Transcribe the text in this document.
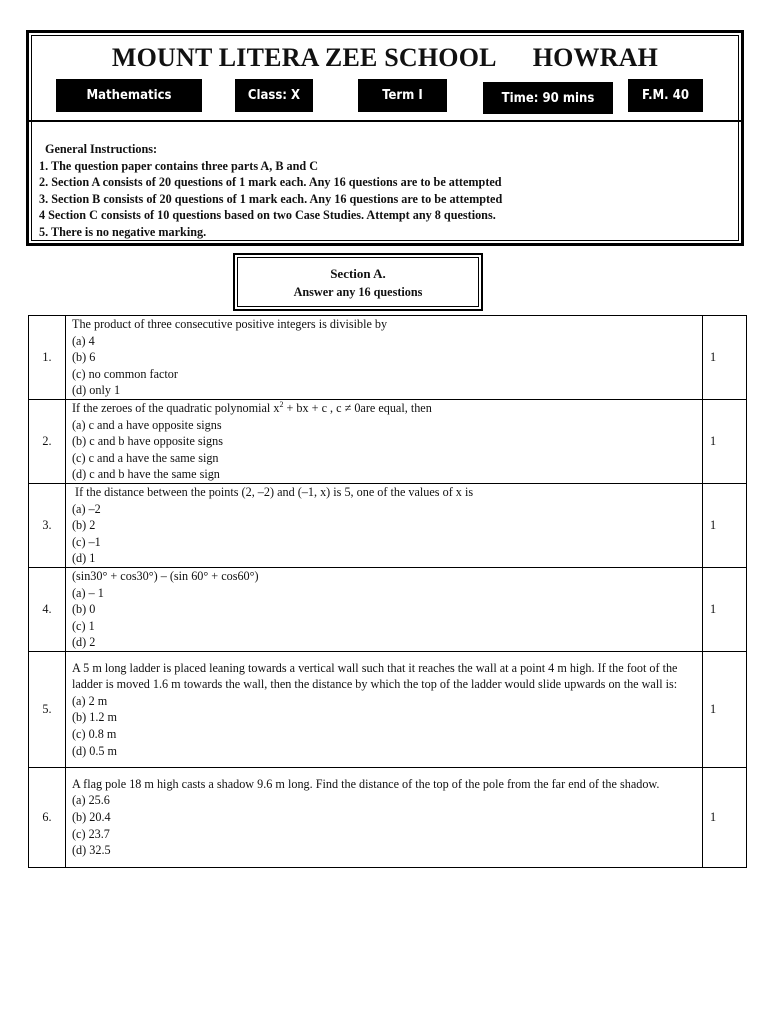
MOUNT LITERA ZEE SCHOOL HOWRAH
Mathematics	Class: X	Term I	Time: 90 mins	F.M. 40
General Instructions:
1. The question paper contains three parts A, B and C
2. Section A consists of 20 questions of 1 mark each. Any 16 questions are to be attempted
3. Section B consists of 20 questions of 1 mark each. Any 16 questions are to be attempted
4 Section C consists of 10 questions based on two Case Studies. Attempt any 8 questions.
5. There is no negative marking.
Section A.
Answer any 16 questions
1.	The product of three consecutive positive integers is divisible by
(a) 4
(b) 6
(c) no common factor
(d) only 1	1
2.	If the zeroes of the quadratic polynomial $x^2$ + bx + c , c ≠ 0are equal, then
(a) c and a have opposite signs
(b) c and b have opposite signs
(c) c and a have the same sign
(d) c and b have the same sign	1
3.	If the distance between the points (2, –2) and (–1, x) is 5, one of the values of x is
(a) –2
(b) 2
(c) –1
(d) 1	1
4.	(sin30° + cos30°) – (sin 60° + cos60°)
(a) – 1
(b) 0
(c) 1
(d) 2	1
5.	A 5 m long ladder is placed leaning towards a vertical wall such that it reaches the wall at a point 4 m high. If the foot of the ladder is moved 1.6 m towards the wall, then the distance by which the top of the ladder would slide upwards on the wall is:
(a) 2 m
(b) 1.2 m
(c) 0.8 m
(d) 0.5 m	1
6.	A flag pole 18 m high casts a shadow 9.6 m long. Find the distance of the top of the pole from the far end of the shadow.
(a) 25.6
(b) 20.4
(c) 23.7
(d) 32.5	1
